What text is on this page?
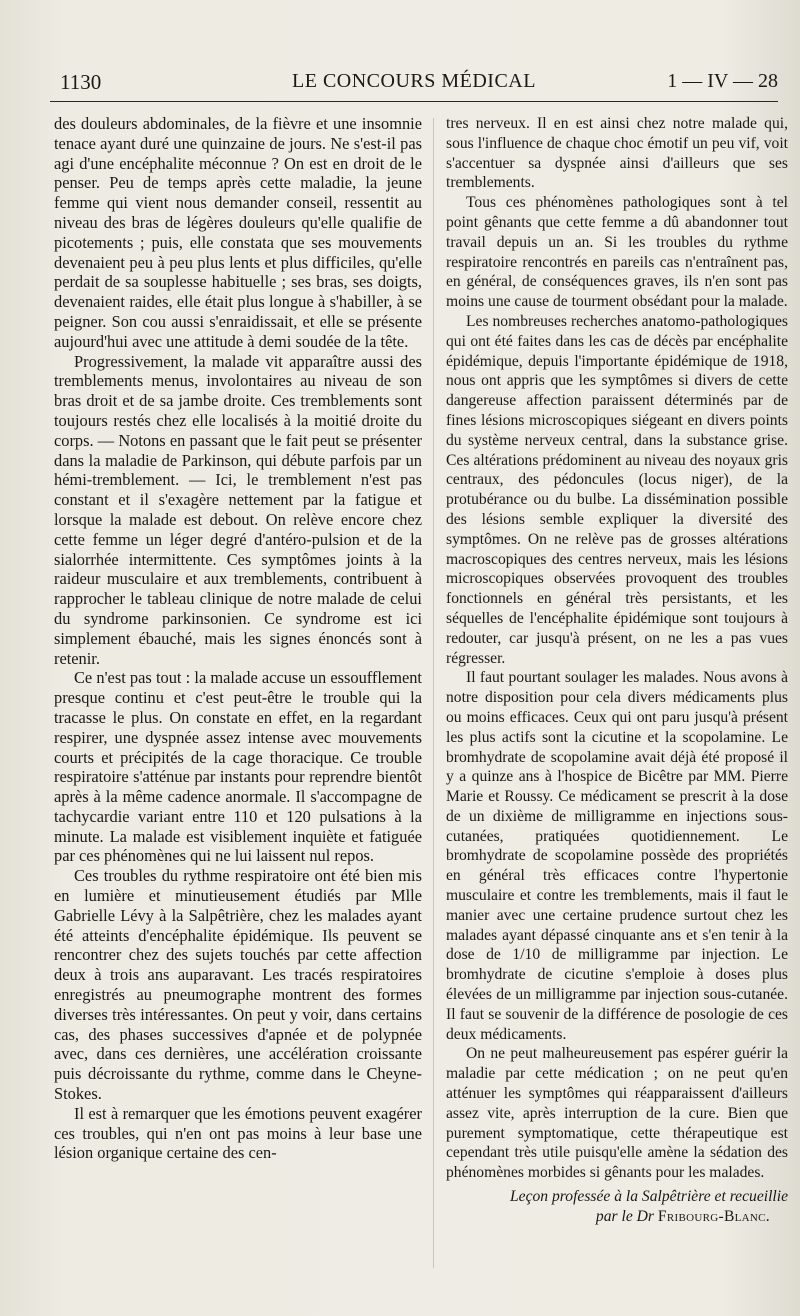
1130	LE CONCOURS MÉDICAL	1 — IV — 28

des douleurs abdominales, de la fièvre et une insomnie tenace ayant duré une quinzaine de jours. Ne s'est-il pas agi d'une encéphalite méconnue ? On est en droit de le penser. Peu de temps après cette maladie, la jeune femme qui vient nous demander conseil, ressentit au niveau des bras de légères douleurs qu'elle qualifie de picotements ; puis, elle constata que ses mouvements devenaient peu à peu plus lents et plus difficiles, qu'elle perdait de sa souplesse habituelle ; ses bras, ses doigts, devenaient raides, elle était plus longue à s'habiller, à se peigner. Son cou aussi s'enraidissait, et elle se présente aujourd'hui avec une attitude à demi soudée de la tête.

Progressivement, la malade vit apparaître aussi des tremblements menus, involontaires au niveau de son bras droit et de sa jambe droite. Ces tremblements sont toujours restés chez elle localisés à la moitié droite du corps. — Notons en passant que le fait peut se présenter dans la maladie de Parkinson, qui débute parfois par un hémi-tremblement. — Ici, le tremblement n'est pas constant et il s'exagère nettement par la fatigue et lorsque la malade est debout. On relève encore chez cette femme un léger degré d'antéro-pulsion et de la sialorrhée intermittente. Ces symptômes joints à la raideur musculaire et aux tremblements, contribuent à rapprocher le tableau clinique de notre malade de celui du syndrome parkinsonien. Ce syndrome est ici simplement ébauché, mais les signes énoncés sont à retenir.

Ce n'est pas tout : la malade accuse un essoufflement presque continu et c'est peut-être le trouble qui la tracasse le plus. On constate en effet, en la regardant respirer, une dyspnée assez intense avec mouvements courts et précipités de la cage thoracique. Ce trouble respiratoire s'atténue par instants pour reprendre bientôt après à la même cadence anormale. Il s'accompagne de tachycardie variant entre 110 et 120 pulsations à la minute. La malade est visiblement inquiète et fatiguée par ces phénomènes qui ne lui laissent nul repos.

Ces troubles du rythme respiratoire ont été bien mis en lumière et minutieusement étudiés par Mlle Gabrielle Lévy à la Salpêtrière, chez les malades ayant été atteints d'encéphalite épidémique. Ils peuvent se rencontrer chez des sujets touchés par cette affection deux à trois ans auparavant. Les tracés respiratoires enregistrés au pneumographe montrent des formes diverses très intéressantes. On peut y voir, dans certains cas, des phases successives d'apnée et de polypnée avec, dans ces dernières, une accélération croissante puis décroissante du rythme, comme dans le Cheyne-Stokes.

Il est à remarquer que les émotions peuvent exagérer ces troubles, qui n'en ont pas moins à leur base une lésion organique certaine des cen-

tres nerveux. Il en est ainsi chez notre malade qui, sous l'influence de chaque choc émotif un peu vif, voit s'accentuer sa dyspnée ainsi d'ailleurs que ses tremblements.

Tous ces phénomènes pathologiques sont à tel point gênants que cette femme a dû abandonner tout travail depuis un an. Si les troubles du rythme respiratoire rencontrés en pareils cas n'entraînent pas, en général, de conséquences graves, ils n'en sont pas moins une cause de tourment obsédant pour la malade.

Les nombreuses recherches anatomo-pathologiques qui ont été faites dans les cas de décès par encéphalite épidémique, depuis l'importante épidémique de 1918, nous ont appris que les symptômes si divers de cette dangereuse affection paraissent déterminés par de fines lésions microscopiques siégeant en divers points du système nerveux central, dans la substance grise. Ces altérations prédominent au niveau des noyaux gris centraux, des pédoncules (locus niger), de la protubérance ou du bulbe. La dissémination possible des lésions semble expliquer la diversité des symptômes. On ne relève pas de grosses altérations macroscopiques des centres nerveux, mais les lésions microscopiques observées provoquent des troubles fonctionnels en général très persistants, et les séquelles de l'encéphalite épidémique sont toujours à redouter, car jusqu'à présent, on ne les a pas vues régresser.

Il faut pourtant soulager les malades. Nous avons à notre disposition pour cela divers médicaments plus ou moins efficaces. Ceux qui ont paru jusqu'à présent les plus actifs sont la cicutine et la scopolamine. Le bromhydrate de scopolamine avait déjà été proposé il y a quinze ans à l'hospice de Bicêtre par MM. Pierre Marie et Roussy. Ce médicament se prescrit à la dose de un dixième de milligramme en injections sous-cutanées, pratiquées quotidiennement. Le bromhydrate de scopolamine possède des propriétés en général très efficaces contre l'hypertonie musculaire et contre les tremblements, mais il faut le manier avec une certaine prudence surtout chez les malades ayant dépassé cinquante ans et s'en tenir à la dose de 1/10 de milligramme par injection. Le bromhydrate de cicutine s'emploie à doses plus élevées de un milligramme par injection sous-cutanée. Il faut se souvenir de la différence de posologie de ces deux médicaments.

On ne peut malheureusement pas espérer guérir la maladie par cette médication ; on ne peut qu'en atténuer les symptômes qui réapparaissent d'ailleurs assez vite, après interruption de la cure. Bien que purement symptomatique, cette thérapeutique est cependant très utile puisqu'elle amène la sédation des phénomènes morbides si gênants pour les malades.

Leçon professée à la Salpêtrière et recueillie
par le Dr Fribourg-Blanc.
